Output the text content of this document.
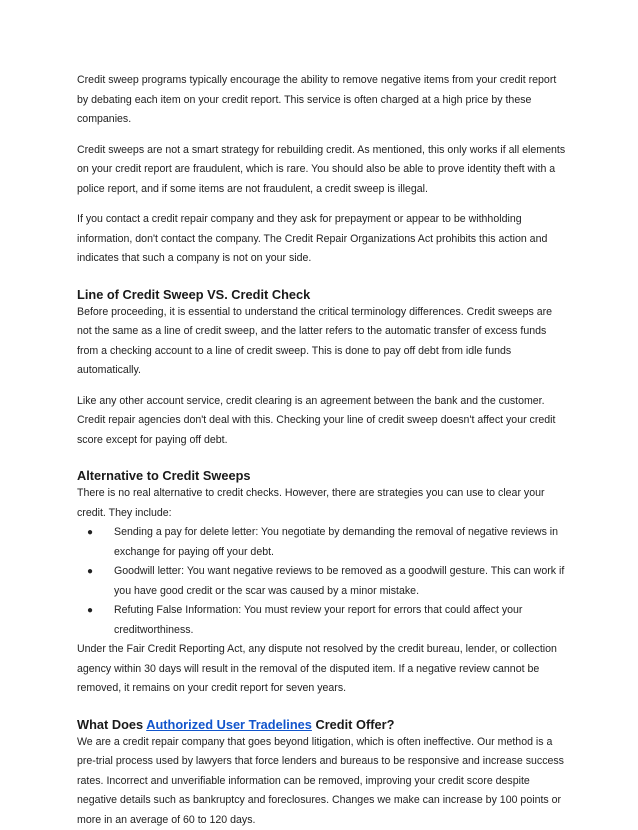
Credit sweep programs typically encourage the ability to remove negative items from your credit report by debating each item on your credit report. This service is often charged at a high price by these companies.

Credit sweeps are not a smart strategy for rebuilding credit. As mentioned, this only works if all elements on your credit report are fraudulent, which is rare. You should also be able to prove identity theft with a police report, and if some items are not fraudulent, a credit sweep is illegal.

If you contact a credit repair company and they ask for prepayment or appear to be withholding information, don't contact the company. The Credit Repair Organizations Act prohibits this action and indicates that such a company is not on your side.

Line of Credit Sweep VS. Credit Check

Before proceeding, it is essential to understand the critical terminology differences. Credit sweeps are not the same as a line of credit sweep, and the latter refers to the automatic transfer of excess funds from a checking account to a line of credit sweep. This is done to pay off debt from idle funds automatically.

Like any other account service, credit clearing is an agreement between the bank and the customer. Credit repair agencies don't deal with this. Checking your line of credit sweep doesn't affect your credit score except for paying off debt.

Alternative to Credit Sweeps

There is no real alternative to credit checks. However, there are strategies you can use to clear your credit. They include:

● Sending a pay for delete letter: You negotiate by demanding the removal of negative reviews in exchange for paying off your debt.
● Goodwill letter: You want negative reviews to be removed as a goodwill gesture. This can work if you have good credit or the scar was caused by a minor mistake.
● Refuting False Information: You must review your report for errors that could affect your creditworthiness.

Under the Fair Credit Reporting Act, any dispute not resolved by the credit bureau, lender, or collection agency within 30 days will result in the removal of the disputed item. If a negative review cannot be removed, it remains on your credit report for seven years.

What Does Authorized User Tradelines Credit Offer?

We are a credit repair company that goes beyond litigation, which is often ineffective. Our method is a pre-trial process used by lawyers that force lenders and bureaus to be responsive and increase success rates. Incorrect and unverifiable information can be removed, improving your credit score despite negative details such as bankruptcy and foreclosures. Changes we make can increase by 100 points or more in an average of 60 to 120 days.
